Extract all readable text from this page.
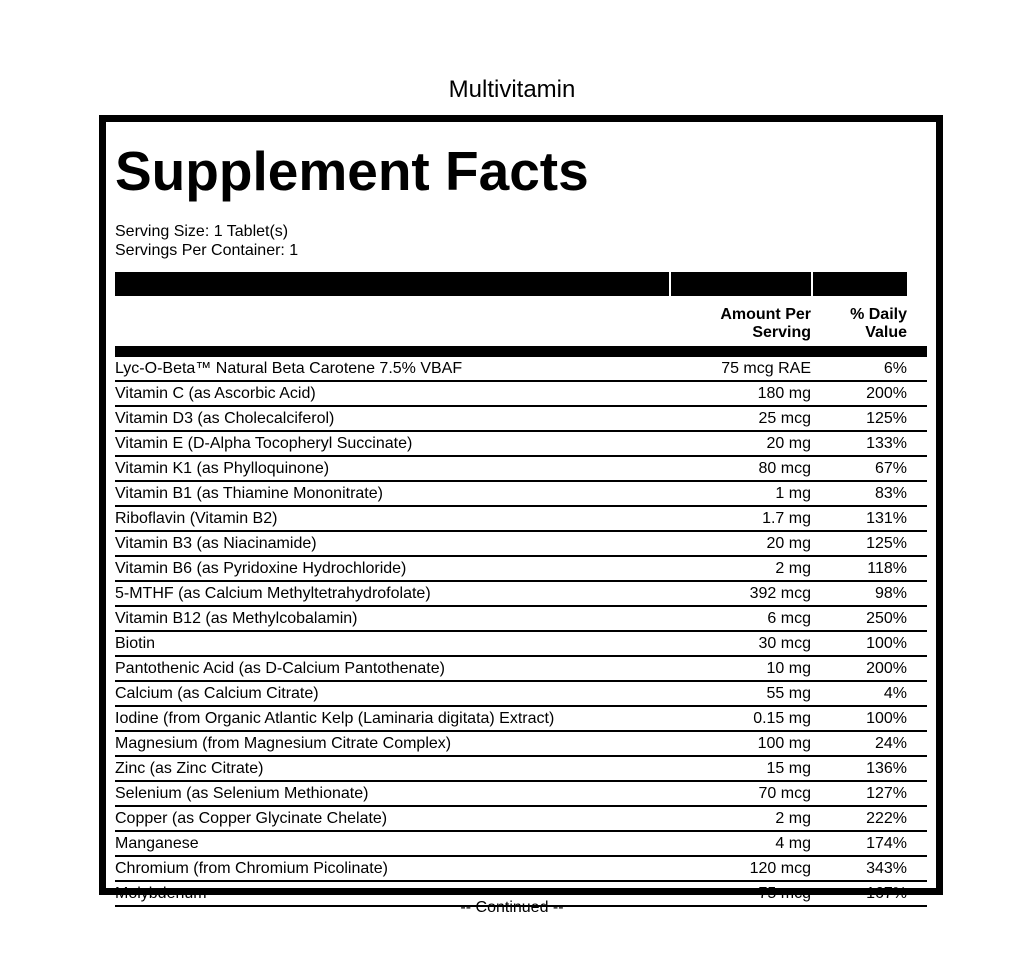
Multivitamin
Supplement Facts
Serving Size: 1 Tablet(s)
Servings Per Container: 1
Amount Per Serving
% Daily Value
Lyc-O-Beta™ Natural Beta Carotene 7.5% VBAF	75 mcg RAE	6%
Vitamin C (as Ascorbic Acid)	180 mg	200%
Vitamin D3 (as Cholecalciferol)	25 mcg	125%
Vitamin E (D-Alpha Tocopheryl Succinate)	20 mg	133%
Vitamin K1 (as Phylloquinone)	80 mcg	67%
Vitamin B1 (as Thiamine Mononitrate)	1 mg	83%
Riboflavin (Vitamin B2)	1.7 mg	131%
Vitamin B3 (as Niacinamide)	20 mg	125%
Vitamin B6 (as Pyridoxine Hydrochloride)	2 mg	118%
5-MTHF (as Calcium Methyltetrahydrofolate)	392 mcg	98%
Vitamin B12 (as Methylcobalamin)	6 mcg	250%
Biotin	30 mcg	100%
Pantothenic Acid (as D-Calcium Pantothenate)	10 mg	200%
Calcium (as Calcium Citrate)	55 mg	4%
Iodine (from Organic Atlantic Kelp (Laminaria digitata) Extract)	0.15 mg	100%
Magnesium (from Magnesium Citrate Complex)	100 mg	24%
Zinc (as Zinc Citrate)	15 mg	136%
Selenium (as Selenium Methionate)	70 mcg	127%
Copper (as Copper Glycinate Chelate)	2 mg	222%
Manganese	4 mg	174%
Chromium (from Chromium Picolinate)	120 mcg	343%
Molybdenum	75 mcg	167%
-- Continued --
